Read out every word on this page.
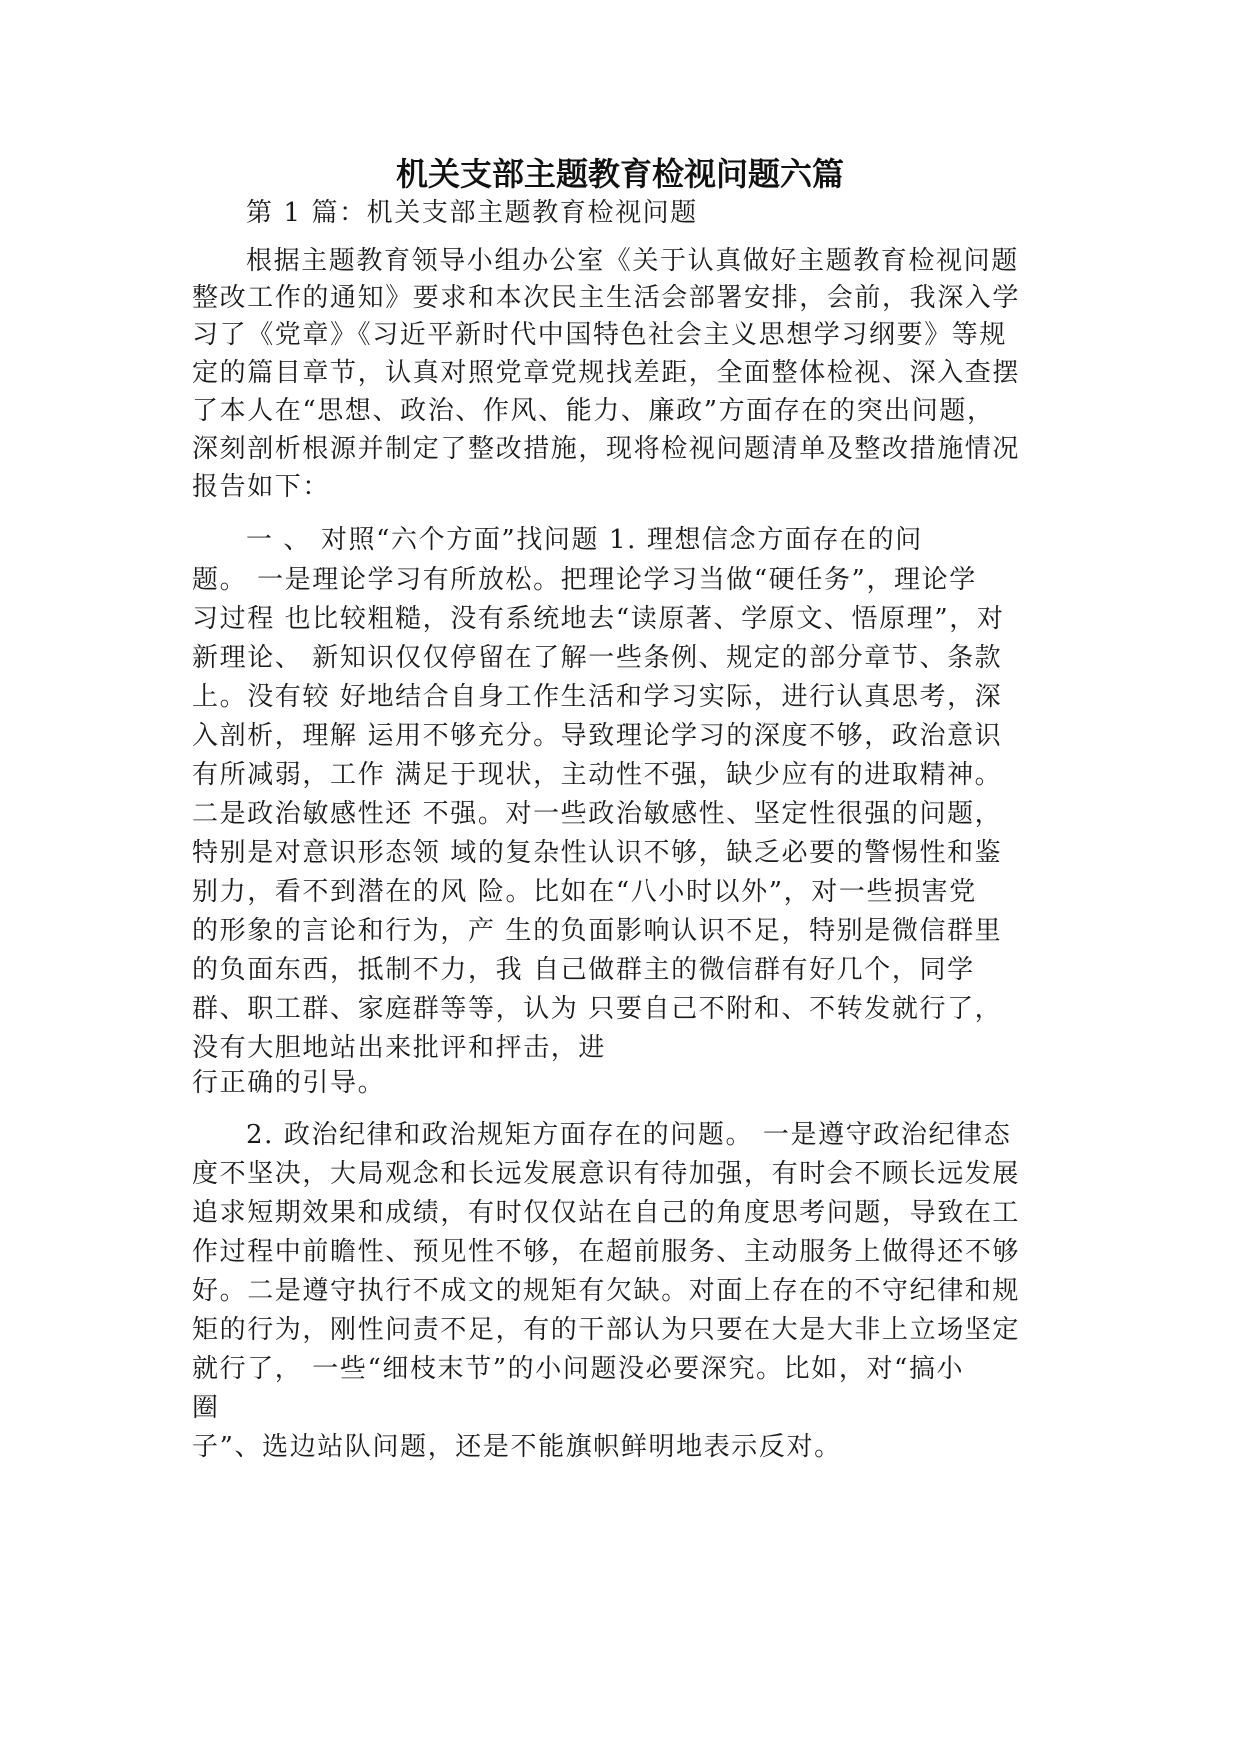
机关支部主题教育检视问题六篇
第 1 篇：机关支部主题教育检视问题
根据主题教育领导小组办公室《关于认真做好主题教育检视问题
整改工作的通知》要求和本次民主生活会部署安排，会前，我深入学
习了《党章》《习近平新时代中国特色社会主义思想学习纲要》等规
定的篇目章节，认真对照党章党规找差距，全面整体检视、深入查摆
了本人在“思想、政治、作风、能力、廉政”方面存在的突出问题，
深刻剖析根源并制定了整改措施，现将检视问题清单及整改措施情况
报告如下：
一 、 对照“六个方面”找问题 1. 理想信念方面存在的问
题。 一是理论学习有所放松。把理论学习当做“硬任务”，理论学
习过程 也比较粗糙，没有系统地去“读原著、学原文、悟原理”，对
新理论、 新知识仅仅停留在了解一些条例、规定的部分章节、条款
上。没有较 好地结合自身工作生活和学习实际，进行认真思考，深
入剖析，理解 运用不够充分。导致理论学习的深度不够，政治意识
有所减弱，工作 满足于现状，主动性不强，缺少应有的进取精神。
二是政治敏感性还 不强。对一些政治敏感性、坚定性很强的问题，
特别是对意识形态领 域的复杂性认识不够，缺乏必要的警惕性和鉴
别力，看不到潜在的风 险。比如在“八小时以外”，对一些损害党
的形象的言论和行为，产 生的负面影响认识不足，特别是微信群里
的负面东西，抵制不力，我 自己做群主的微信群有好几个，同学
群、职工群、家庭群等等，认为 只要自己不附和、不转发就行了，
没有大胆地站出来批评和抨击，进
行正确的引导。
2. 政治纪律和政治规矩方面存在的问题。 一是遵守政治纪律态
度不坚决，大局观念和长远发展意识有待加强，有时会不顾长远发展
追求短期效果和成绩，有时仅仅站在自己的角度思考问题，导致在工
作过程中前瞻性、预见性不够，在超前服务、主动服务上做得还不够
好。二是遵守执行不成文的规矩有欠缺。对面上存在的不守纪律和规
矩的行为，刚性问责不足，有的干部认为只要在大是大非上立场坚定
就行了， 一些“细枝末节”的小问题没必要深究。比如，对“搞小
圈
子”、选边站队问题，还是不能旗帜鲜明地表示反对。
